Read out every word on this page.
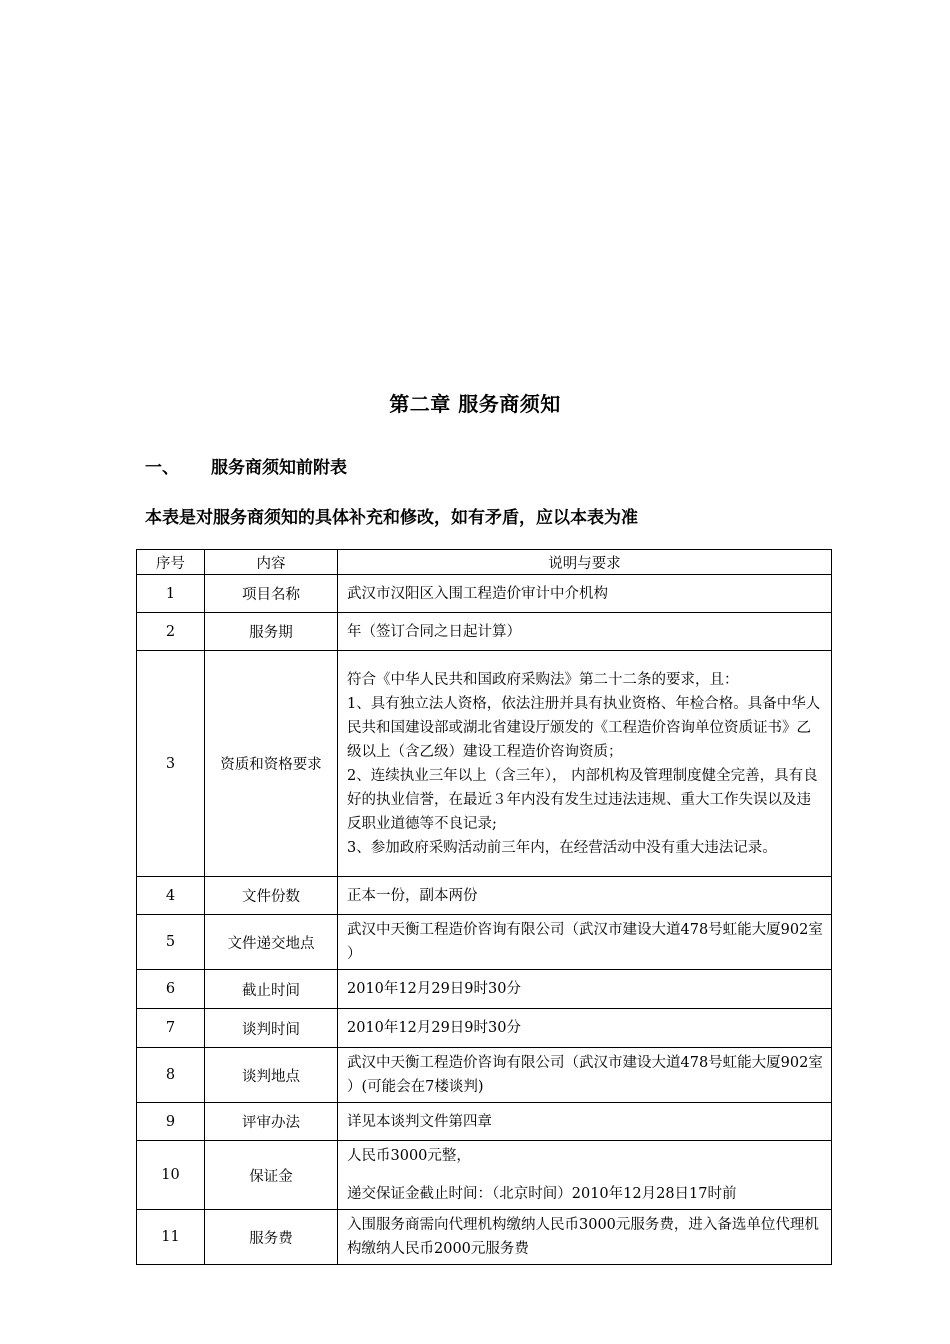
第二章 服务商须知
一、 服务商须知前附表
本表是对服务商须知的具体补充和修改，如有矛盾，应以本表为准
序号	内容	说明与要求
1	项目名称	武汉市汉阳区入围工程造价审计中介机构

2	服务期	年（签订合同之日起计算）

3	资质和资格要求	符合《中华人民共和国政府采购法》第二十二条的要求，且：

1、具有独立法人资格，依法注册并具有执业资格、年检合格。具备中华人民共和国建设部或湖北省建设厅颁发的《工程造价咨询单位资质证书》乙级以上（含乙级）建设工程造价咨询资质；

2、连续执业三年以上（含三年）， 内部机构及管理制度健全完善，具有良好的执业信誉，在最近３年内没有发生过违法违规、重大工作失误以及违反职业道德等不良记录;

3、参加政府采购活动前三年内，在经营活动中没有重大违法记录。

4	文件份数	正本一份，副本两份

5	文件递交地点	武汉中天衡工程造价咨询有限公司（武汉市建设大道478号虹能大厦902室 ）

6	截止时间	2010年12月29日9时30分

7	谈判时间	2010年12月29日9时30分

8	谈判地点	武汉中天衡工程造价咨询有限公司（武汉市建设大道478号虹能大厦902室 ）(可能会在7楼谈判)

9	评审办法	详见本谈判文件第四章

10	保证金	人民币3000元整，

递交保证金截止时间：（北京时间）2010年12月28日17时前

11	服务费	入围服务商需向代理机构缴纳人民币3000元服务费，进入备选单位代理机构缴纳人民币2000元服务费
